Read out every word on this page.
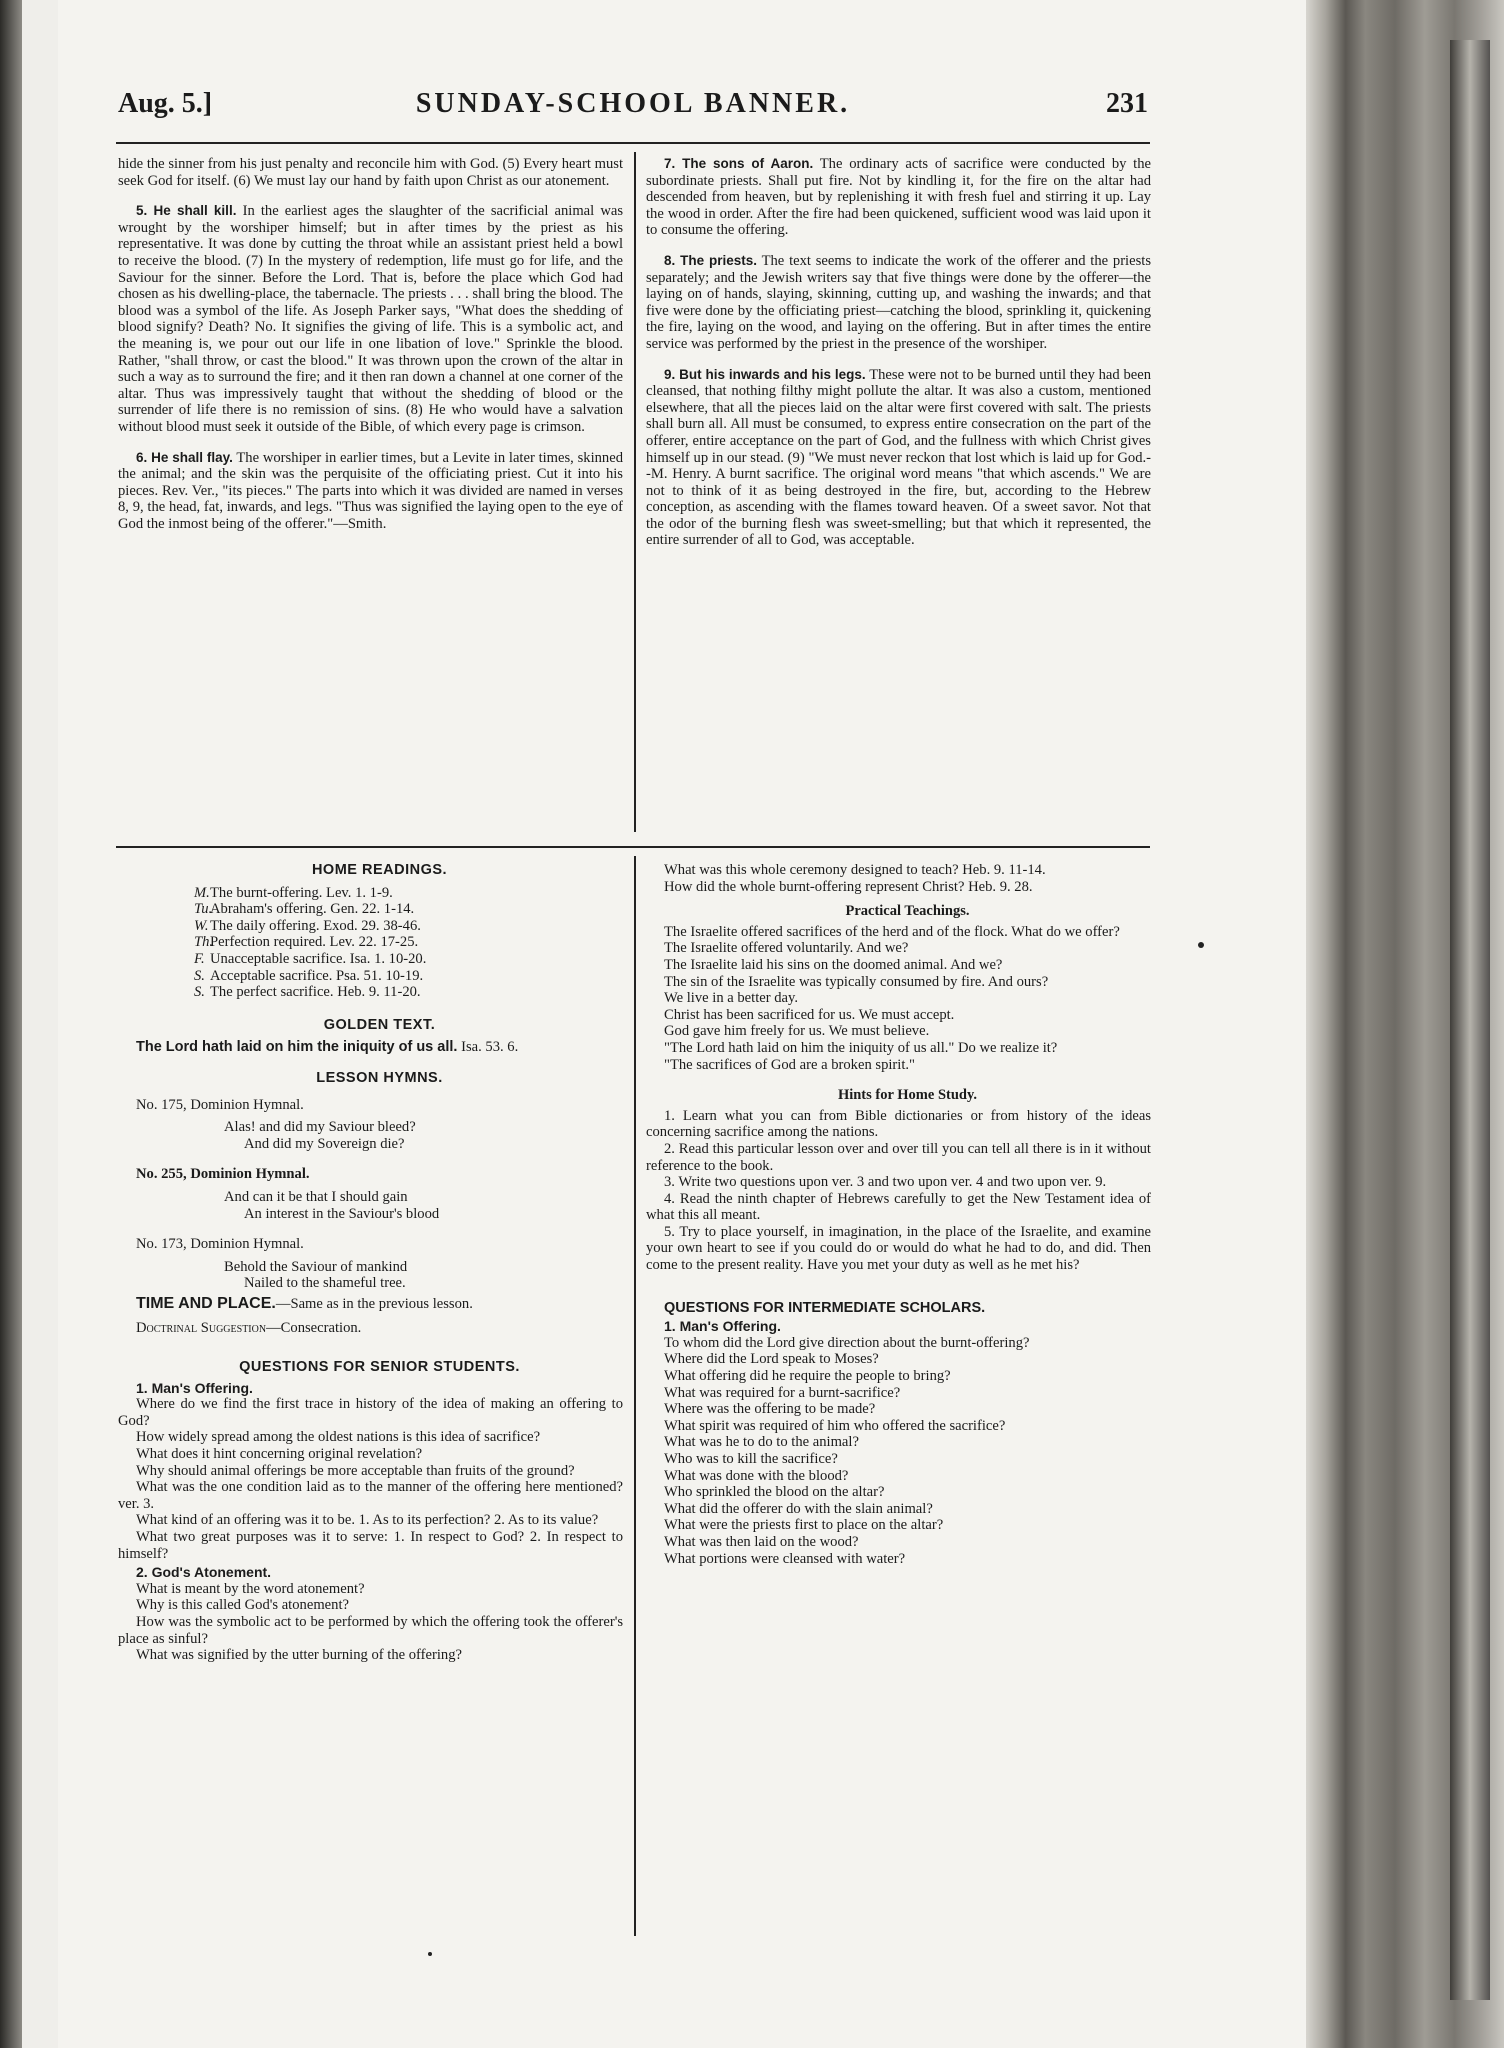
Aug. 5.]	SUNDAY-SCHOOL BANNER.	231

hide the sinner from his just penalty and reconcile him with God. (5) Every heart must seek God for itself. (6) We must lay our hand by faith upon Christ as our atonement.

5. He shall kill. In the earliest ages the slaughter of the sacrificial animal was wrought by the worshiper himself; but in after times by the priest as his representative. It was done by cutting the throat while an assistant priest held a bowl to receive the blood. (7) In the mystery of redemption, life must go for life, and the Saviour for the sinner. Before the Lord. That is, before the place which God had chosen as his dwelling-place, the tabernacle. The priests . . . shall bring the blood. The blood was a symbol of the life. As Joseph Parker says, "What does the shedding of blood signify? Death? No. It signifies the giving of life. This is a symbolic act, and the meaning is, we pour out our life in one libation of love." Sprinkle the blood. Rather, "shall throw, or cast the blood." It was thrown upon the crown of the altar in such a way as to surround the fire; and it then ran down a channel at one corner of the altar. Thus was impressively taught that without the shedding of blood or the surrender of life there is no remission of sins. (8) He who would have a salvation without blood must seek it outside of the Bible, of which every page is crimson.

6. He shall flay. The worshiper in earlier times, but a Levite in later times, skinned the animal; and the skin was the perquisite of the officiating priest. Cut it into his pieces. Rev. Ver., "its pieces." The parts into which it was divided are named in verses 8, 9, the head, fat, inwards, and legs. "Thus was signified the laying open to the eye of God the inmost being of the offerer."—Smith.

7. The sons of Aaron. The ordinary acts of sacrifice were conducted by the subordinate priests. Shall put fire. Not by kindling it, for the fire on the altar had descended from heaven, but by replenishing it with fresh fuel and stirring it up. Lay the wood in order. After the fire had been quickened, sufficient wood was laid upon it to consume the offering.

8. The priests. The text seems to indicate the work of the offerer and the priests separately; and the Jewish writers say that five things were done by the offerer—the laying on of hands, slaying, skinning, cutting up, and washing the inwards; and that five were done by the officiating priest—catching the blood, sprinkling it, quickening the fire, laying on the wood, and laying on the offering. But in after times the entire service was performed by the priest in the presence of the worshiper.

9. But his inwards and his legs. These were not to be burned until they had been cleansed, that nothing filthy might pollute the altar. It was also a custom, mentioned elsewhere, that all the pieces laid on the altar were first covered with salt. The priests shall burn all. All must be consumed, to express entire consecration on the part of the offerer, entire acceptance on the part of God, and the fullness with which Christ gives himself up in our stead. (9) "We must never reckon that lost which is laid up for God.--M. Henry. A burnt sacrifice. The original word means "that which ascends." We are not to think of it as being destroyed in the fire, but, according to the Hebrew conception, as ascending with the flames toward heaven. Of a sweet savor. Not that the odor of the burning flesh was sweet-smelling; but that which it represented, the entire surrender of all to God, was acceptable.

HOME READINGS.

M.The burnt-offering. Lev. 1. 1-9.

Tu.Abraham's offering. Gen. 22. 1-14.

W. The daily offering. Exod. 29. 38-46.

Th.Perfection required. Lev. 22. 17-25.

F. Unacceptable sacrifice. Isa. 1. 10-20.

S. Acceptable sacrifice. Psa. 51. 10-19.

S. The perfect sacrifice. Heb. 9. 11-20.

GOLDEN TEXT.

The Lord hath laid on him the iniquity of us all. Isa. 53. 6.

LESSON HYMNS.

No. 175, Dominion Hymnal.

Alas! and did my Saviour bleed?

And did my Sovereign die?

No. 255, Dominion Hymnal.

And can it be that I should gain

An interest in the Saviour's blood

No. 173, Dominion Hymnal.

Behold the Saviour of mankind

Nailed to the shameful tree.

TIME AND PLACE.—Same as in the previous lesson.

Doctrinal Suggestion—Consecration.

QUESTIONS FOR SENIOR STUDENTS.

1. Man's Offering.

Where do we find the first trace in history of the idea of making an offering to God?

How widely spread among the oldest nations is this idea of sacrifice?

What does it hint concerning original revelation?

Why should animal offerings be more acceptable than fruits of the ground?

What was the one condition laid as to the manner of the offering here mentioned? ver. 3.

What kind of an offering was it to be. 1. As to its perfection? 2. As to its value?

What two great purposes was it to serve: 1. In respect to God? 2. In respect to himself?

2. God's Atonement.

What is meant by the word atonement?

Why is this called God's atonement?

How was the symbolic act to be performed by which the offering took the offerer's place as sinful?

What was signified by the utter burning of the offering?

What was this whole ceremony designed to teach? Heb. 9. 11-14.

How did the whole burnt-offering represent Christ? Heb. 9. 28.

Practical Teachings.

The Israelite offered sacrifices of the herd and of the flock. What do we offer?

The Israelite offered voluntarily. And we?

The Israelite laid his sins on the doomed animal. And we?

The sin of the Israelite was typically consumed by fire. And ours?

We live in a better day.

Christ has been sacrificed for us. We must accept.

God gave him freely for us. We must believe.

"The Lord hath laid on him the iniquity of us all." Do we realize it?

"The sacrifices of God are a broken spirit."

Hints for Home Study.

1. Learn what you can from Bible dictionaries or from history of the ideas concerning sacrifice among the nations.

2. Read this particular lesson over and over till you can tell all there is in it without reference to the book.

3. Write two questions upon ver. 3 and two upon ver. 4 and two upon ver. 9.

4. Read the ninth chapter of Hebrews carefully to get the New Testament idea of what this all meant.

5. Try to place yourself, in imagination, in the place of the Israelite, and examine your own heart to see if you could do or would do what he had to do, and did. Then come to the present reality. Have you met your duty as well as he met his?

QUESTIONS FOR INTERMEDIATE SCHOLARS.

1. Man's Offering.

To whom did the Lord give direction about the burnt-offering?

Where did the Lord speak to Moses?

What offering did he require the people to bring?

What was required for a burnt-sacrifice?

Where was the offering to be made?

What spirit was required of him who offered the sacrifice?

What was he to do to the animal?

Who was to kill the sacrifice?

What was done with the blood?

Who sprinkled the blood on the altar?

What did the offerer do with the slain animal?

What were the priests first to place on the altar?

What was then laid on the wood?

What portions were cleansed with water?
